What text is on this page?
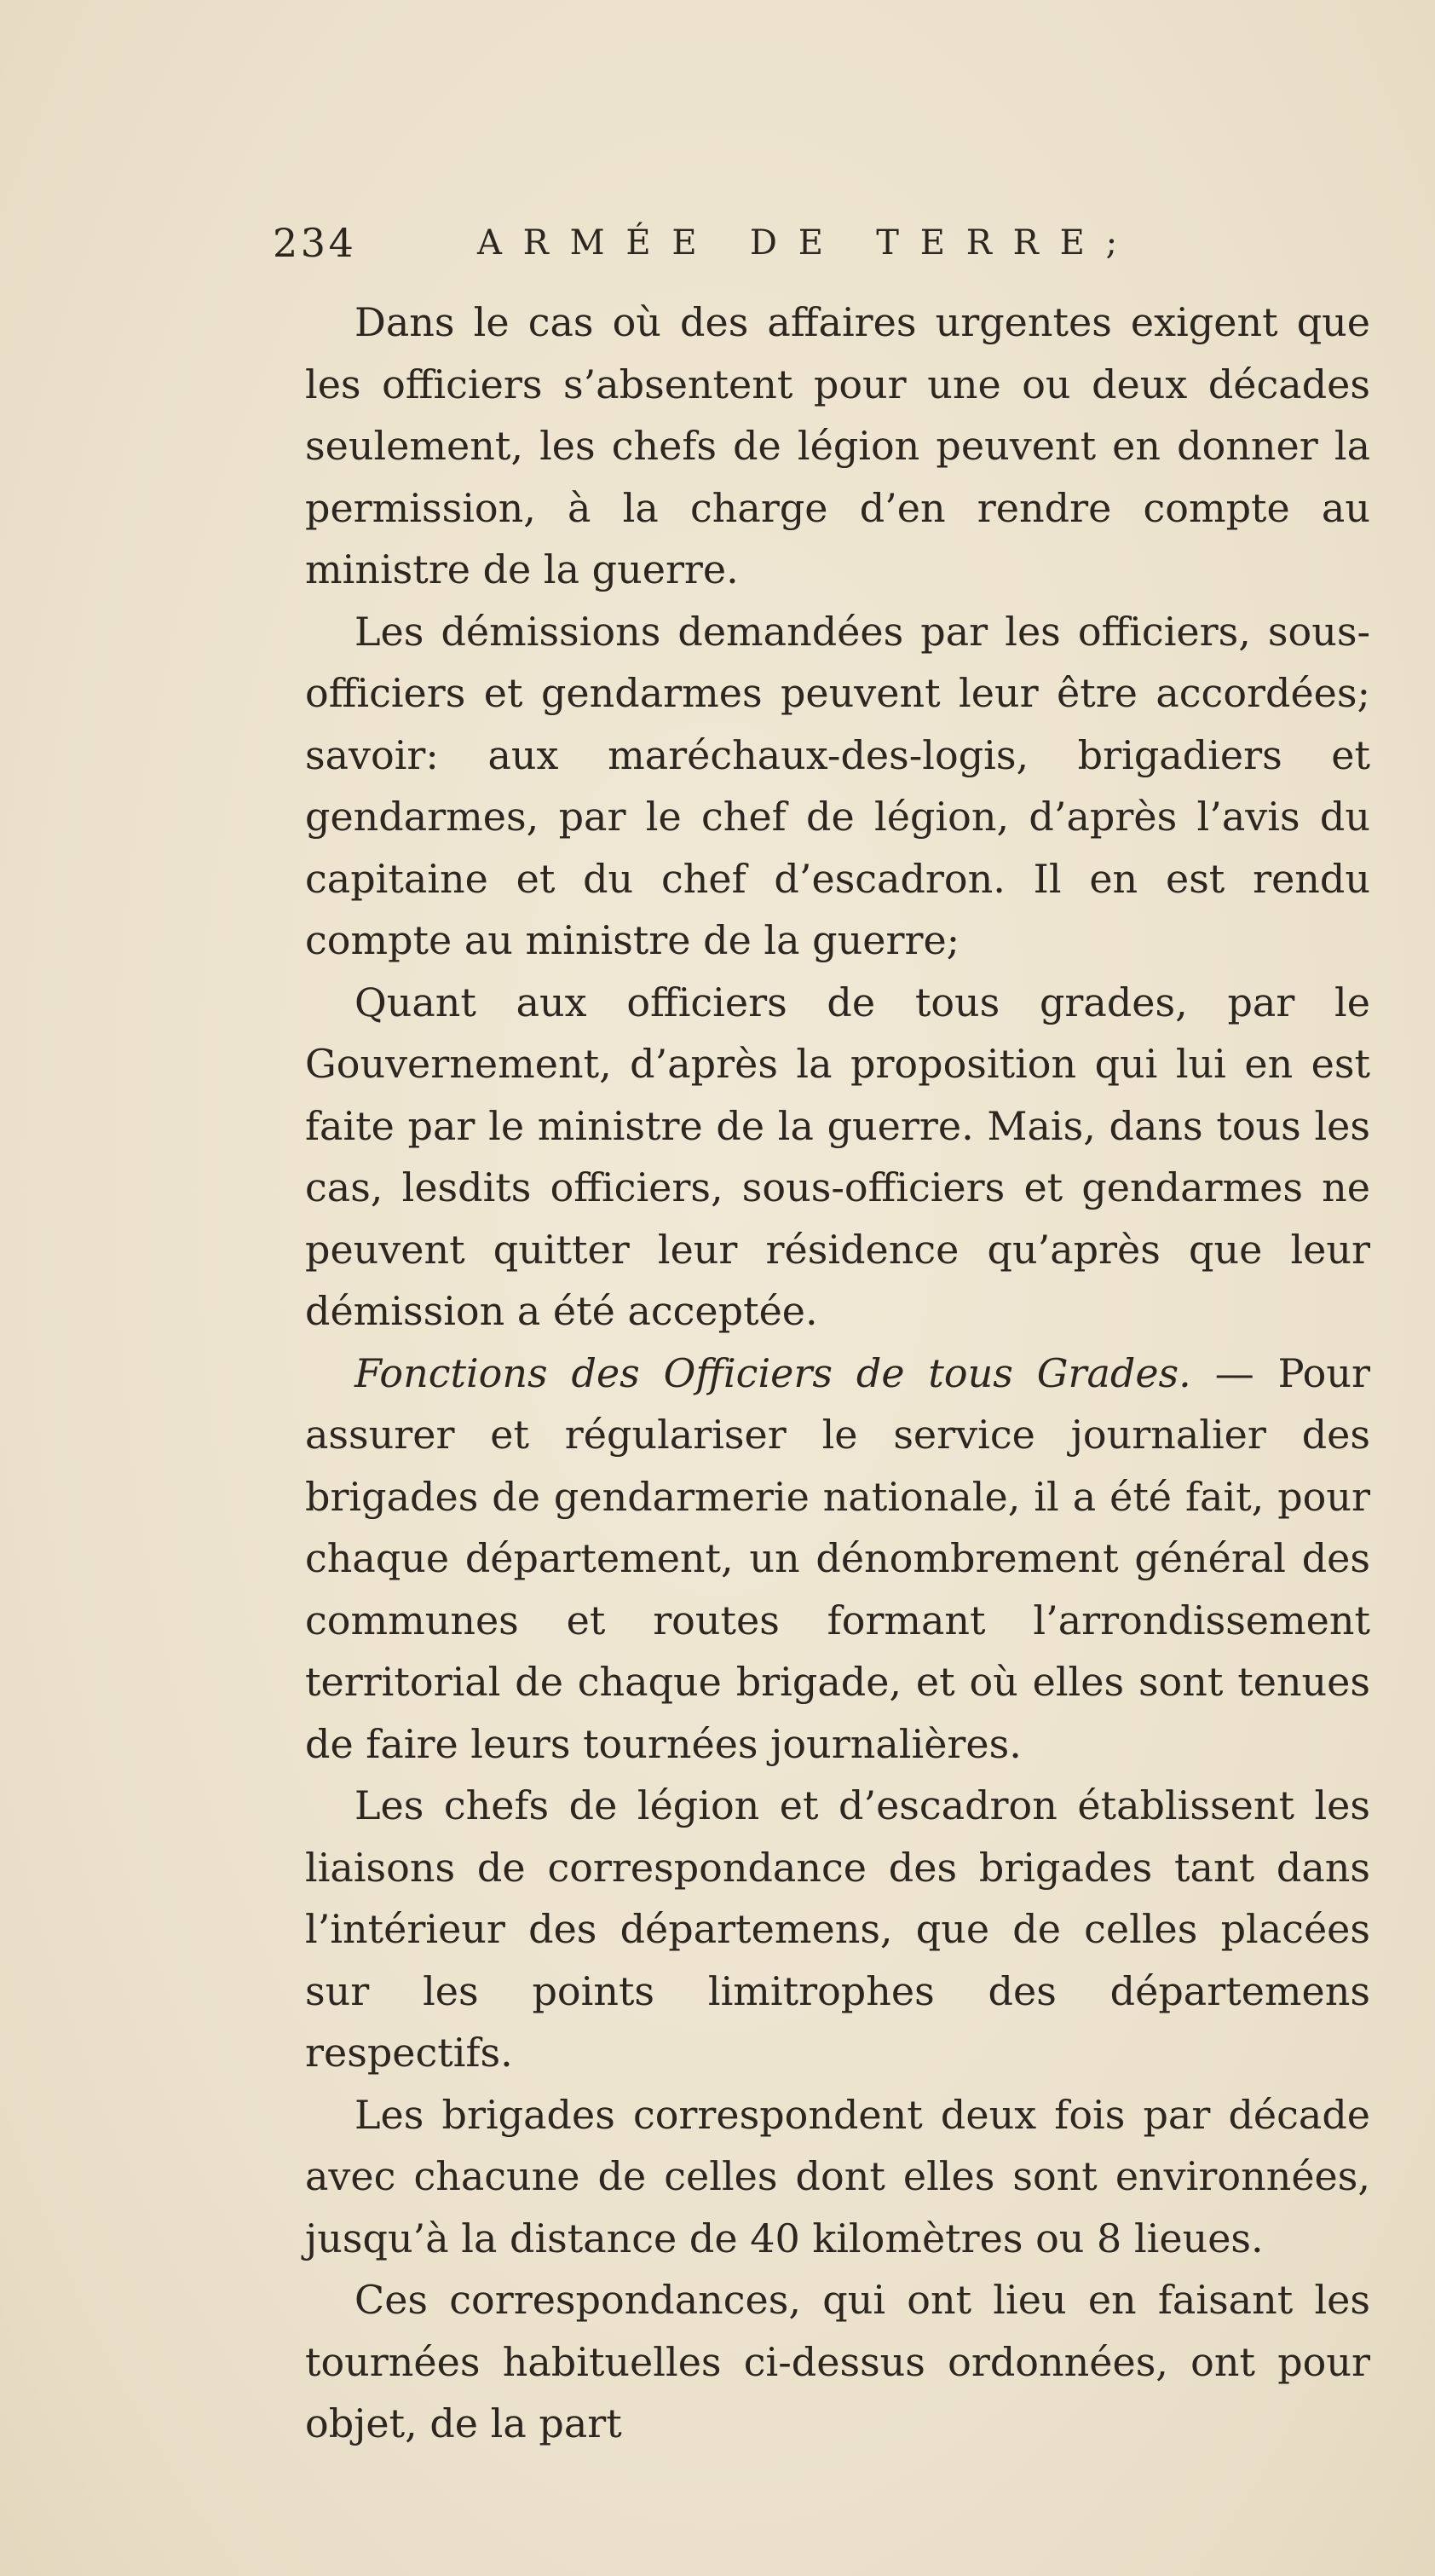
234	ARMÉE DE TERRE;

Dans le cas où des affaires urgentes exigent que les officiers s’absentent pour une ou deux décades seulement, les chefs de légion peuvent en donner la permission, à la charge d’en rendre compte au ministre de la guerre.

Les démissions demandées par les officiers, sous-officiers et gendarmes peuvent leur être accordées; savoir: aux maréchaux-des-logis, brigadiers et gendarmes, par le chef de légion, d’après l’avis du capitaine et du chef d’escadron. Il en est rendu compte au ministre de la guerre;

Quant aux officiers de tous grades, par le Gouvernement, d’après la proposition qui lui en est faite par le ministre de la guerre. Mais, dans tous les cas, lesdits officiers, sous-officiers et gendarmes ne peuvent quitter leur résidence qu’après que leur démission a été acceptée.

Fonctions des Officiers de tous Grades. — Pour assurer et régulariser le service journalier des brigades de gendarmerie nationale, il a été fait, pour chaque département, un dénombrement général des communes et routes formant l’arrondissement territorial de chaque brigade, et où elles sont tenues de faire leurs tournées journalières.

Les chefs de légion et d’escadron établissent les liaisons de correspondance des brigades tant dans l’intérieur des départemens, que de celles placées sur les points limitrophes des départemens respectifs.

Les brigades correspondent deux fois par décade avec chacune de celles dont elles sont environnées, jusqu’à la distance de 40 kilomètres ou 8 lieues.

Ces correspondances, qui ont lieu en faisant les tournées habituelles ci-dessus ordonnées, ont pour objet, de la part
